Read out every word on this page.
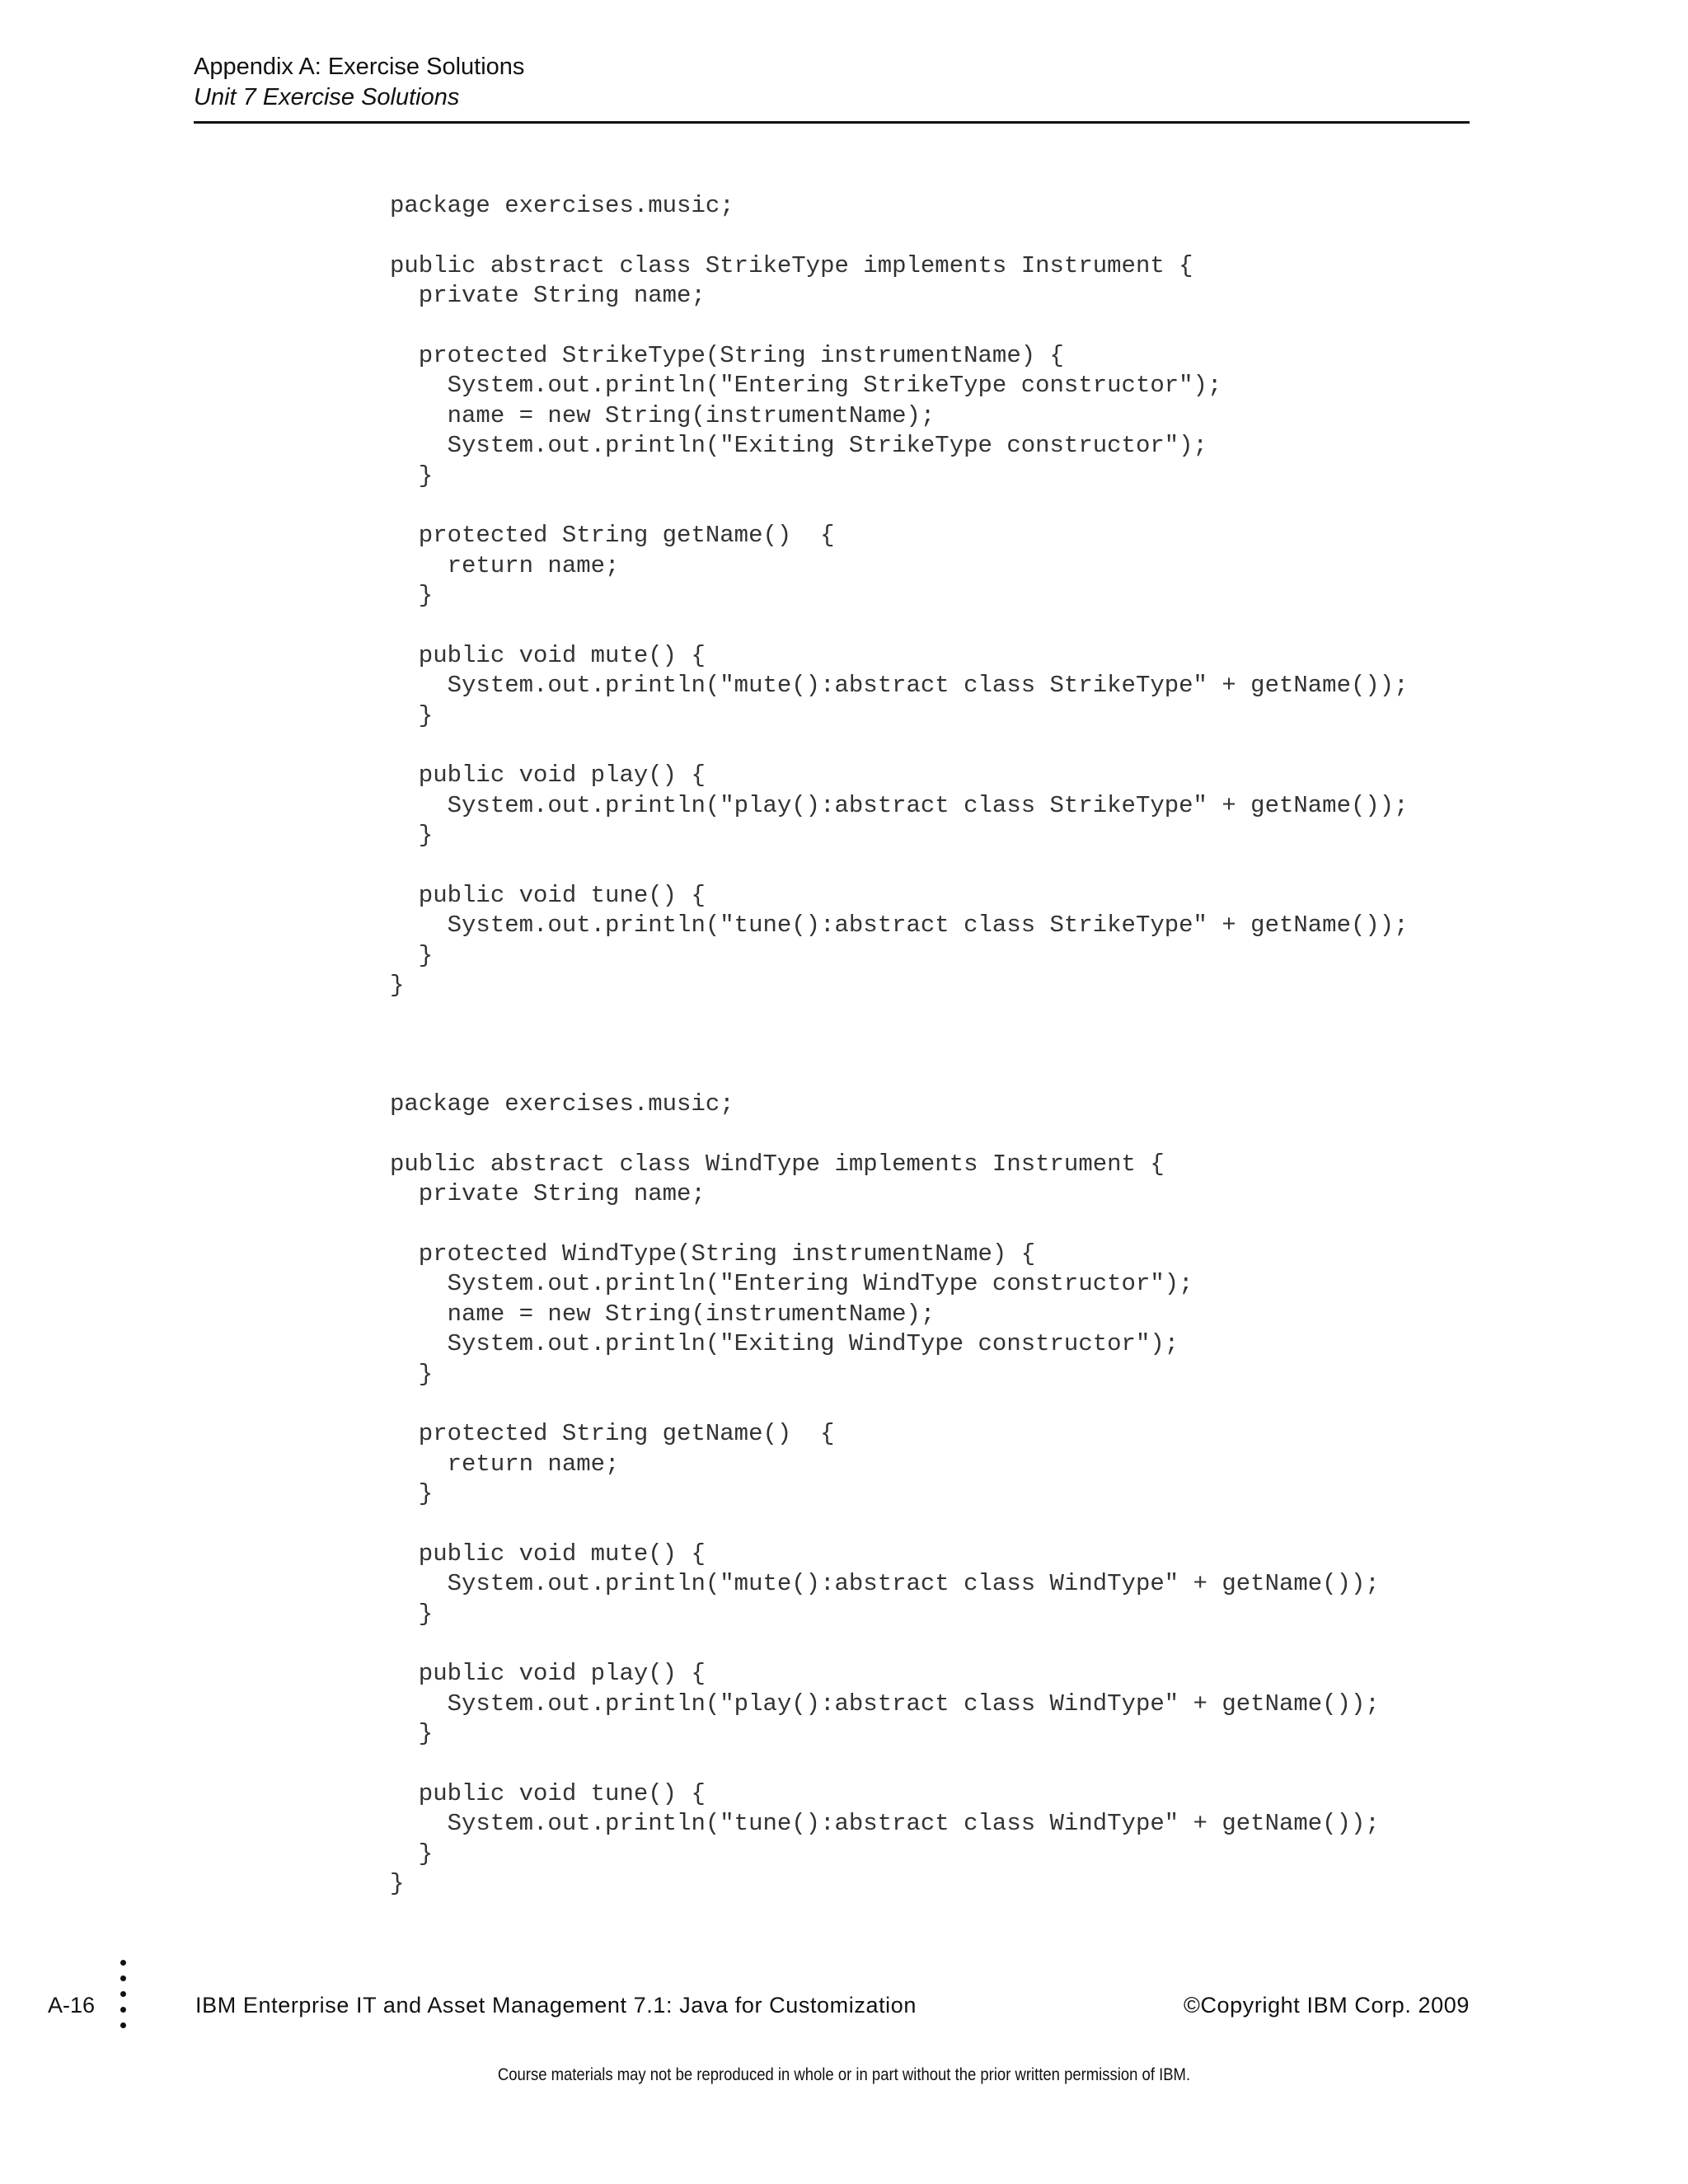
Appendix A: Exercise Solutions
Unit 7 Exercise Solutions
package exercises.music;
public abstract class StrikeType implements Instrument {
private String name;
protected StrikeType(String instrumentName) {
System.out.println("Entering StrikeType constructor");
name = new String(instrumentName);
System.out.println("Exiting StrikeType constructor");
}
protected String getName()  {
return name;
}
public void mute() {
System.out.println("mute():abstract class StrikeType" + getName());
}
public void play() {
System.out.println("play():abstract class StrikeType" + getName());
}
public void tune() {
System.out.println("tune():abstract class StrikeType" + getName());
}
}
package exercises.music;
public abstract class WindType implements Instrument {
private String name;
protected WindType(String instrumentName) {
System.out.println("Entering WindType constructor");
name = new String(instrumentName);
System.out.println("Exiting WindType constructor");
}
protected String getName()  {
return name;
}
public void mute() {
System.out.println("mute():abstract class WindType" + getName());
}
public void play() {
System.out.println("play():abstract class WindType" + getName());
}
public void tune() {
System.out.println("tune():abstract class WindType" + getName());
}
}
A-16	IBM Enterprise IT and Asset Management 7.1: Java for Customization	©Copyright IBM Corp. 2009
Course materials may not be reproduced in whole or in part without the prior written permission of IBM.
